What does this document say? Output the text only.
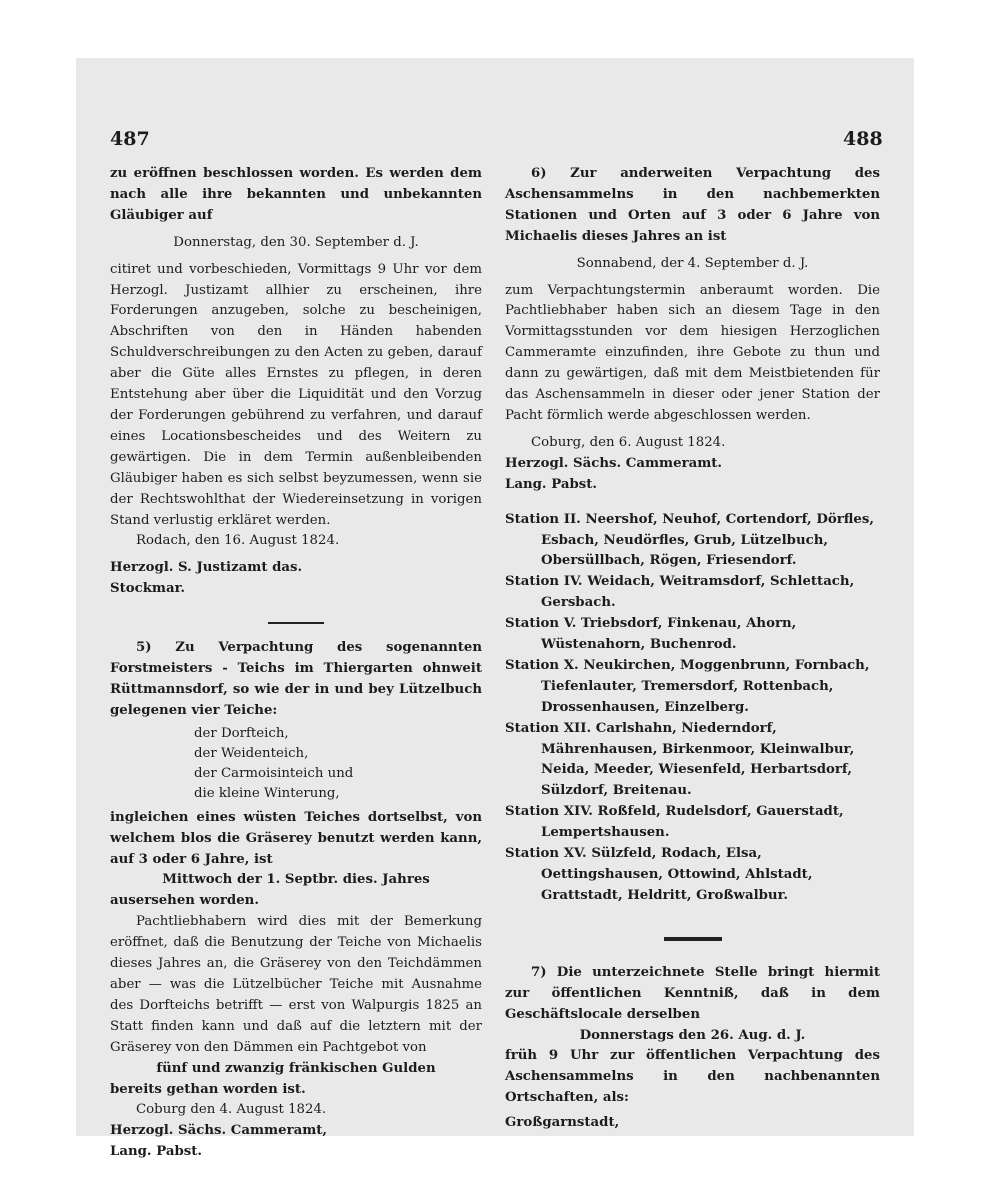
487	488

zu eröffnen beschlossen worden. Es werden dem nach alle ihre bekannten und unbekannten Gläubiger auf

Donnerstag, den 30. September d. J.

citiret und vorbeschieden, Vormittags 9 Uhr vor dem Herzogl. Justizamt allhier zu erscheinen, ihre Forderungen anzugeben, solche zu bescheinigen, Abschriften von den in Händen habenden Schuldverschreibungen zu den Acten zu geben, darauf aber die Güte alles Ernstes zu pflegen, in deren Entstehung aber über die Liquidität und den Vorzug der Forderungen gebührend zu verfahren, und darauf eines Locationsbescheides und des Weitern zu gewärtigen. Die in dem Termin außenbleibenden Gläubiger haben es sich selbst beyzumessen, wenn sie der Rechtswohlthat der Wiedereinsetzung in vorigen Stand verlustig erkläret werden.

Rodach, den 16. August 1824.

Herzogl. S. Justizamt das.

Stockmar.

5) Zu Verpachtung des sogenannten Forstmeisters - Teichs im Thiergarten ohnweit Rüttmannsdorf, so wie der in und bey Lützelbuch gelegenen vier Teiche:

der Dorfteich,
der Weidenteich,
der Carmoisinteich und
die kleine Winterung,

ingleichen eines wüsten Teiches dortselbst, von welchem blos die Gräserey benutzt werden kann, auf 3 oder 6 Jahre, ist

Mittwoch der 1. Septbr. dies. Jahres

ausersehen worden.

Pachtliebhabern wird dies mit der Bemerkung eröffnet, daß die Benutzung der Teiche von Michaelis dieses Jahres an, die Gräserey von den Teichdämmen aber — was die Lützelbücher Teiche mit Ausnahme des Dorfteichs betrifft — erst von Walpurgis 1825 an Statt finden kann und daß auf die letztern mit der Gräserey von den Dämmen ein Pachtgebot von

fünf und zwanzig fränkischen Gulden

bereits gethan worden ist.

Coburg den 4. August 1824.

Herzogl. Sächs. Cammeramt,

Lang. Pabst.

6) Zur anderweiten Verpachtung des Aschensammelns in den nachbemerkten Stationen und Orten auf 3 oder 6 Jahre von Michaelis dieses Jahres an ist

Sonnabend, der 4. September d. J.

zum Verpachtungstermin anberaumt worden. Die Pachtliebhaber haben sich an diesem Tage in den Vormittagsstunden vor dem hiesigen Herzoglichen Cammeramte einzufinden, ihre Gebote zu thun und dann zu gewärtigen, daß mit dem Meistbietenden für das Aschensammeln in dieser oder jener Station der Pacht förmlich werde abgeschlossen werden.

Coburg, den 6. August 1824.

Herzogl. Sächs. Cammeramt.

Lang. Pabst.

Station II. Neershof, Neuhof, Cortendorf, Dörfles, Esbach, Neudörfles, Grub, Lützelbuch, Obersüllbach, Rögen, Friesendorf.

Station IV. Weidach, Weitramsdorf, Schlettach, Gersbach.

Station V. Triebsdorf, Finkenau, Ahorn, Wüstenahorn, Buchenrod.

Station X. Neukirchen, Moggenbrunn, Fornbach, Tiefenlauter, Tremersdorf, Rottenbach, Drossenhausen, Einzelberg.

Station XII. Carlshahn, Niederndorf, Mährenhausen, Birkenmoor, Kleinwalbur, Neida, Meeder, Wiesenfeld, Herbartsdorf, Sülzdorf, Breitenau.

Station XIV. Roßfeld, Rudelsdorf, Gauerstadt, Lempertshausen.

Station XV. Sülzfeld, Rodach, Elsa, Oettingshausen, Ottowind, Ahlstadt, Grattstadt, Heldritt, Großwalbur.

7) Die unterzeichnete Stelle bringt hiermit zur öffentlichen Kenntniß, daß in dem Geschäftslocale derselben

Donnerstags den 26. Aug. d. J.

früh 9 Uhr zur öffentlichen Verpachtung des Aschensammelns in den nachbenannten Ortschaften, als:

Großgarnstadt,
